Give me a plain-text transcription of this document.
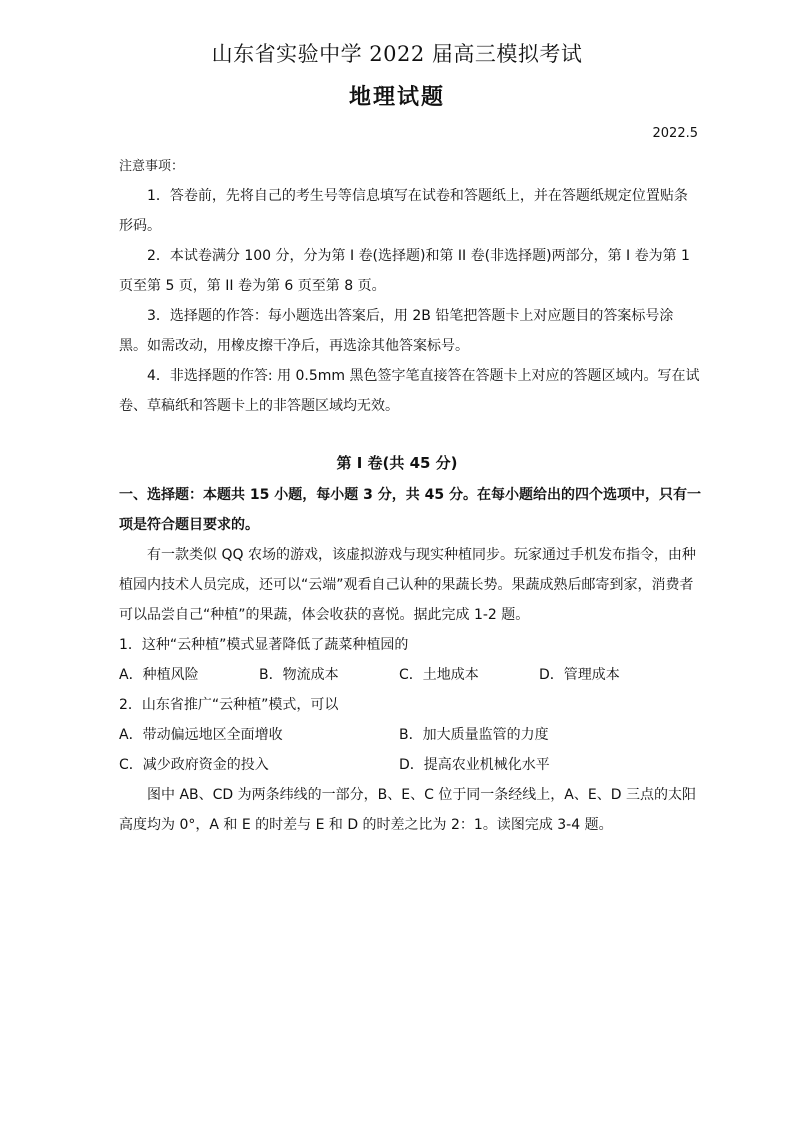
山东省实验中学 2022 届高三模拟考试
地理试题
2022.5
注意事项：

1．答卷前，先将自己的考生号等信息填写在试卷和答题纸上，并在答题纸规定位置贴条形码。

2．本试卷满分 100 分，分为第 I 卷(选择题)和第 II 卷(非选择题)两部分，第 I 卷为第 1 页至第 5 页，第 II 卷为第 6 页至第 8 页。

3．选择题的作答：每小题选出答案后，用 2B 铅笔把答题卡上对应题目的答案标号涂黑。如需改动，用橡皮擦干净后，再选涂其他答案标号。

4．非选择题的作答: 用 0.5mm 黑色签字笔直接答在答题卡上对应的答题区域内。写在试卷、草稿纸和答题卡上的非答题区域均无效。

第 I 卷(共 45 分)

一、选择题：本题共 15 小题，每小题 3 分，共 45 分。在每小题给出的四个选项中，只有一项是符合题目要求的。

有一款类似 QQ 农场的游戏，该虚拟游戏与现实种植同步。玩家通过手机发布指令，由种植园内技术人员完成，还可以“云端”观看自己认种的果蔬长势。果蔬成熟后邮寄到家，消费者可以品尝自己“种植”的果蔬，体会收获的喜悦。据此完成 1-2 题。

1．这种“云种植”模式显著降低了蔬菜种植园的

A．种植风险	B．物流成本	C．土地成本	D．管理成本

2．山东省推广“云种植”模式，可以

A．带动偏远地区全面增收	B．加大质量监管的力度
C．减少政府资金的投入	D．提高农业机械化水平

图中 AB、CD 为两条纬线的一部分，B、E、C 位于同一条经线上，A、E、D 三点的太阳高度均为 0°，A 和 E 的时差与 E 和 D 的时差之比为 2：1。读图完成 3-4 题。
